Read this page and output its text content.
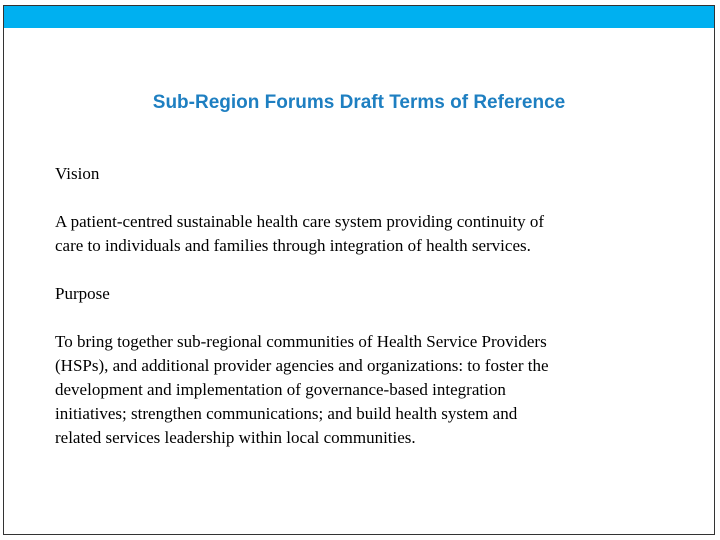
Sub-Region Forums Draft Terms of Reference

Vision

A patient-centred sustainable health care system providing continuity of
care to individuals and families through integration of health services.

Purpose

To bring together sub-regional communities of Health Service Providers
(HSPs), and additional provider agencies and organizations: to foster the
development and implementation of governance-based integration
initiatives; strengthen communications; and build health system and
related services leadership within local communities.
